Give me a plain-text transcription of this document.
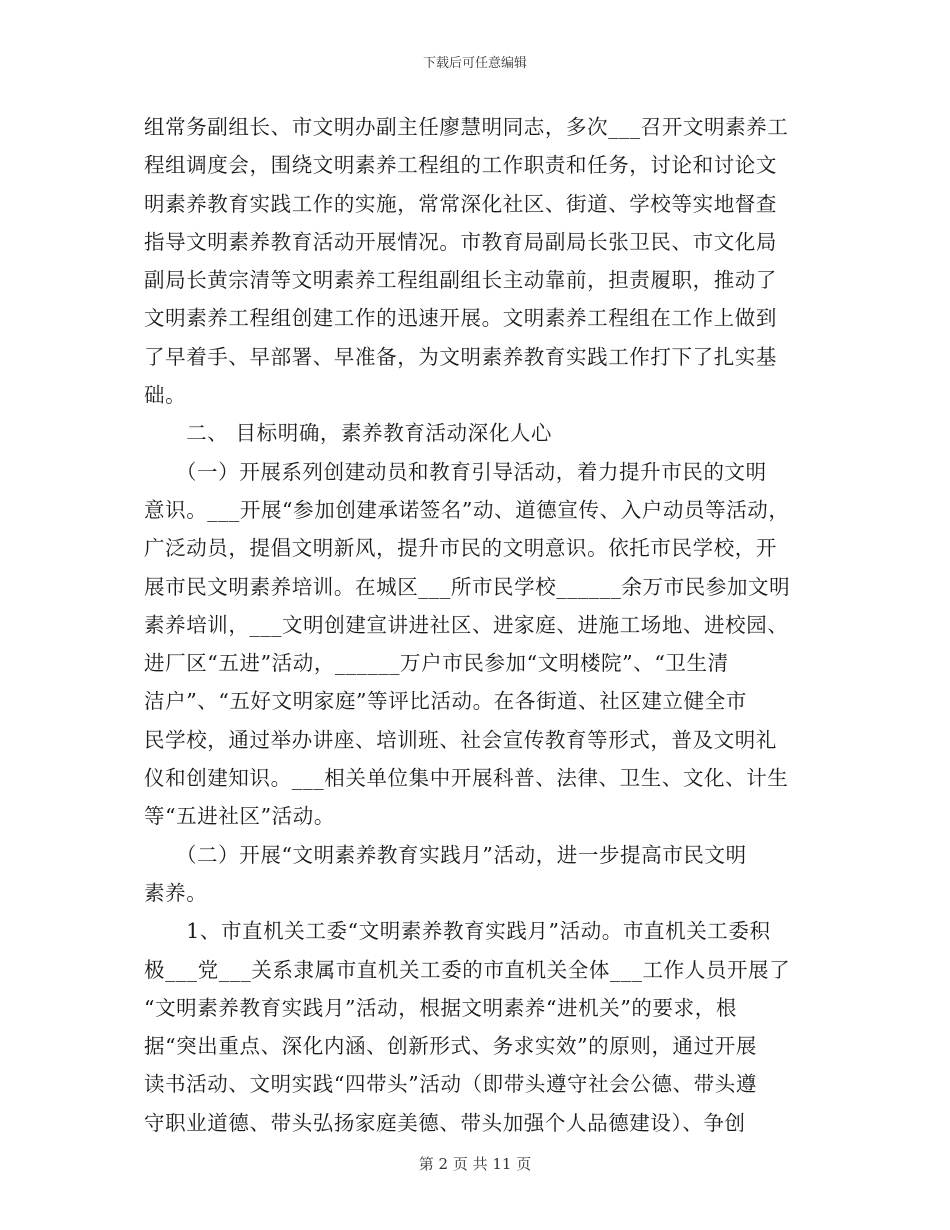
下载后可任意编辑
组常务副组长、市文明办副主任廖慧明同志，多次___召开文明素养工
程组调度会，围绕文明素养工程组的工作职责和任务，讨论和讨论文
明素养教育实践工作的实施，常常深化社区、街道、学校等实地督查
指导文明素养教育活动开展情况。市教育局副局长张卫民、市文化局
副局长黄宗清等文明素养工程组副组长主动靠前，担责履职，推动了
文明素养工程组创建工作的迅速开展。文明素养工程组在工作上做到
了早着手、早部署、早准备，为文明素养教育实践工作打下了扎实基
础。
　　二、 目标明确，素养教育活动深化人心
　　（一）开展系列创建动员和教育引导活动，着力提升市民的文明
意识。___开展“参加创建承诺签名”动、道德宣传、入户动员等活动，
广泛动员，提倡文明新风，提升市民的文明意识。依托市民学校，开
展市民文明素养培训。在城区___所市民学校______余万市民参加文明
素养培训，___文明创建宣讲进社区、进家庭、进施工场地、进校园、
进厂区“五进”活动，______万户市民参加“文明楼院”、“卫生清
洁户”、“五好文明家庭”等评比活动。在各街道、社区建立健全市
民学校，通过举办讲座、培训班、社会宣传教育等形式，普及文明礼
仪和创建知识。___相关单位集中开展科普、法律、卫生、文化、计生
等“五进社区”活动。
　　（二）开展“文明素养教育实践月”活动，进一步提高市民文明
素养。
　　1、市直机关工委“文明素养教育实践月”活动。市直机关工委积
极___党___关系隶属市直机关工委的市直机关全体___工作人员开展了
“文明素养教育实践月”活动，根据文明素养“进机关”的要求，根
据“突出重点、深化内涵、创新形式、务求实效”的原则，通过开展
读书活动、文明实践“四带头”活动（即带头遵守社会公德、带头遵
守职业道德、带头弘扬家庭美德、带头加强个人品德建设）、争创
第 2 页 共 11 页
